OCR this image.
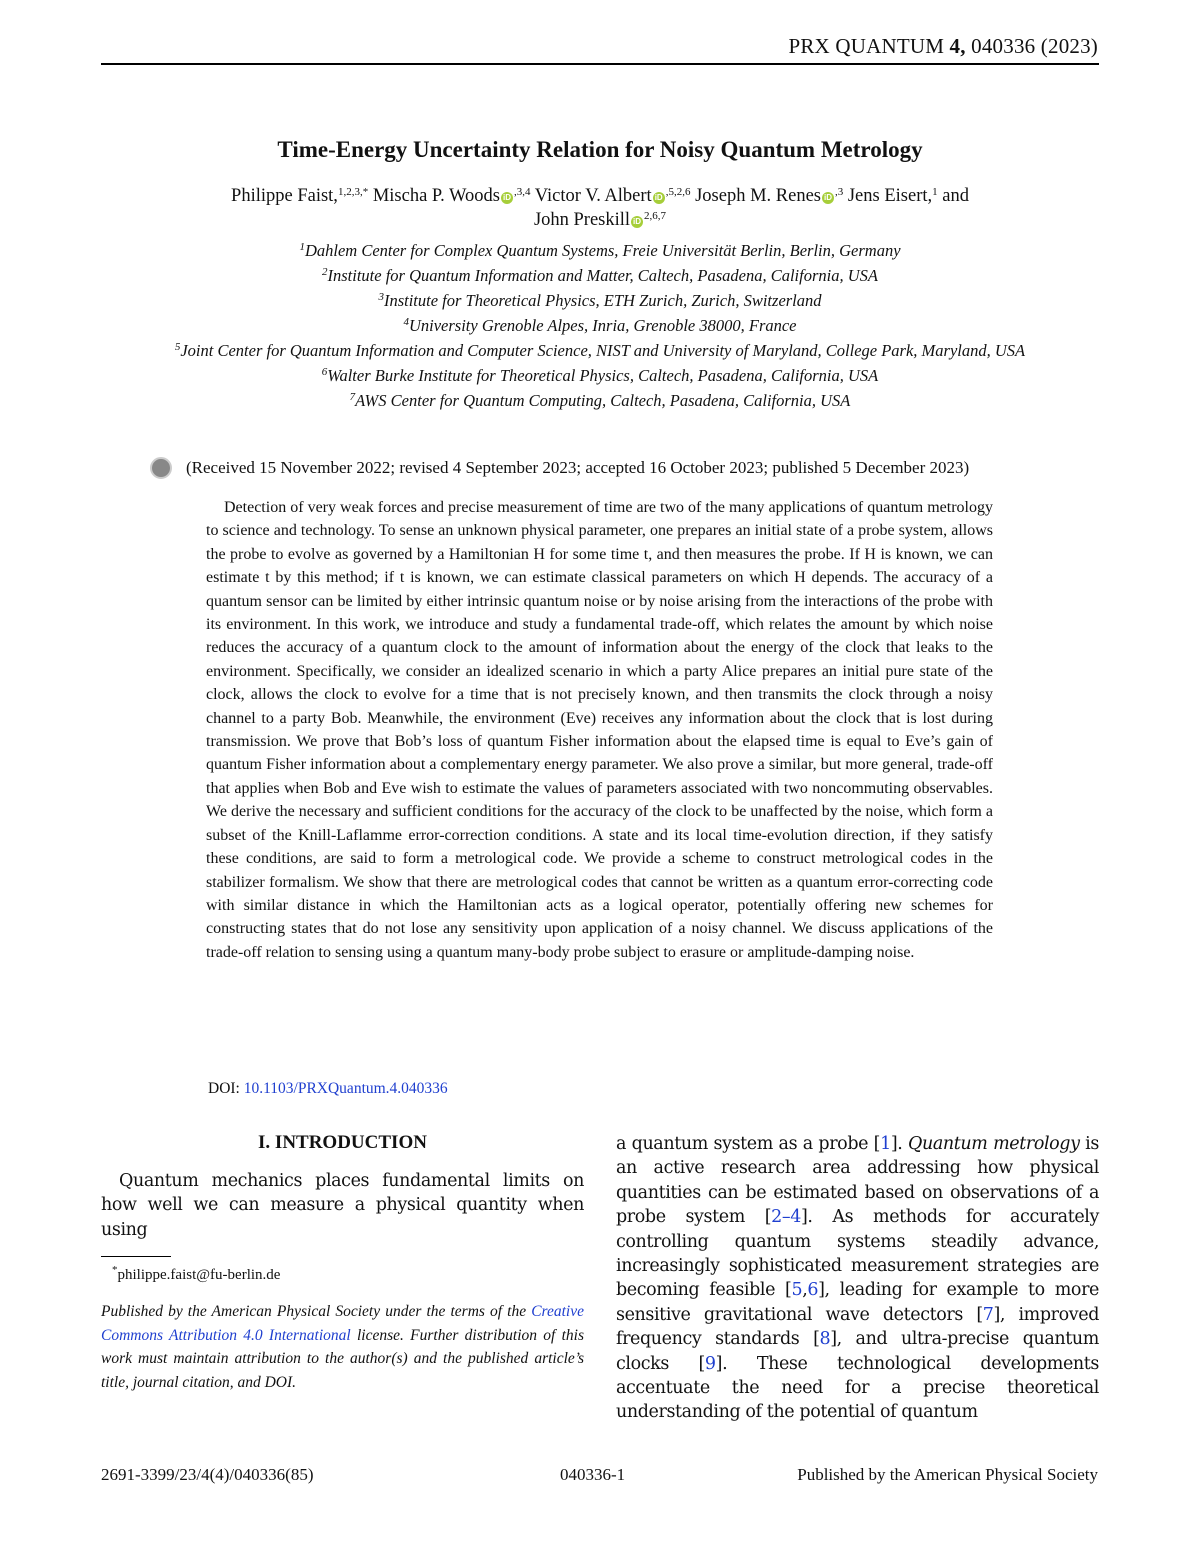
PRX QUANTUM 4, 040336 (2023)
Time-Energy Uncertainty Relation for Noisy Quantum Metrology
Philippe Faist,$^{1,2,3,*}$ Mischa P. Woods iD $^{,3,4}$ Victor V. Albert iD $^{,5,2,6}$ Joseph M. Renes iD $^{,3}$ Jens Eisert,$^1$ and
John Preskill iD $^{2,6,7}$
$^1$Dahlem Center for Complex Quantum Systems, Freie Universität Berlin, Berlin, Germany
$^2$Institute for Quantum Information and Matter, Caltech, Pasadena, California, USA
$^3$Institute for Theoretical Physics, ETH Zurich, Zurich, Switzerland
$^4$University Grenoble Alpes, Inria, Grenoble 38000, France
$^5$Joint Center for Quantum Information and Computer Science, NIST and University of Maryland, College Park, Maryland, USA
$^6$Walter Burke Institute for Theoretical Physics, Caltech, Pasadena, California, USA
$^7$AWS Center for Quantum Computing, Caltech, Pasadena, California, USA
(Received 15 November 2022; revised 4 September 2023; accepted 16 October 2023; published 5 December 2023)

Detection of very weak forces and precise measurement of time are two of the many applications of quantum metrology to science and technology. To sense an unknown physical parameter, one prepares an initial state of a probe system, allows the probe to evolve as governed by a Hamiltonian H for some time t, and then measures the probe. If H is known, we can estimate t by this method; if t is known, we can estimate classical parameters on which H depends. The accuracy of a quantum sensor can be limited by either intrinsic quantum noise or by noise arising from the interactions of the probe with its environment. In this work, we introduce and study a fundamental trade-off, which relates the amount by which noise reduces the accuracy of a quantum clock to the amount of information about the energy of the clock that leaks to the environment. Specifically, we consider an idealized scenario in which a party Alice prepares an initial pure state of the clock, allows the clock to evolve for a time that is not precisely known, and then transmits the clock through a noisy channel to a party Bob. Meanwhile, the environment (Eve) receives any information about the clock that is lost during transmission. We prove that Bob’s loss of quantum Fisher information about the elapsed time is equal to Eve’s gain of quantum Fisher information about a complementary energy parameter. We also prove a similar, but more general, trade-off that applies when Bob and Eve wish to estimate the values of parameters associated with two noncommuting observables. We derive the necessary and sufficient conditions for the accuracy of the clock to be unaffected by the noise, which form a subset of the Knill-Laflamme error-correction conditions. A state and its local time-evolution direction, if they satisfy these conditions, are said to form a metrological code. We provide a scheme to construct metrological codes in the stabilizer formalism. We show that there are metrological codes that cannot be written as a quantum error-correcting code with similar distance in which the Hamiltonian acts as a logical operator, potentially offering new schemes for constructing states that do not lose any sensitivity upon application of a noisy channel. We discuss applications of the trade-off relation to sensing using a quantum many-body probe subject to erasure or amplitude-damping noise.

DOI: 10.1103/PRXQuantum.4.040336
I. INTRODUCTION

Quantum mechanics places fundamental limits on how well we can measure a physical quantity when using

*philippe.faist@fu-berlin.de
Published by the American Physical Society under the terms of the Creative Commons Attribution 4.0 International license. Further distribution of this work must maintain attribution to the author(s) and the published article’s title, journal citation, and DOI.

a quantum system as a probe [1]. Quantum metrology is an active research area addressing how physical quantities can be estimated based on observations of a probe system [2–4]. As methods for accurately controlling quantum systems steadily advance, increasingly sophisticated measurement strategies are becoming feasible [5,6], leading for example to more sensitive gravitational wave detectors [7], improved frequency standards [8], and ultra-precise quantum clocks [9]. These technological developments accentuate the need for a precise theoretical understanding of the potential of quantum

2691-3399/23/4(4)/040336(85)	040336-1	Published by the American Physical Society
